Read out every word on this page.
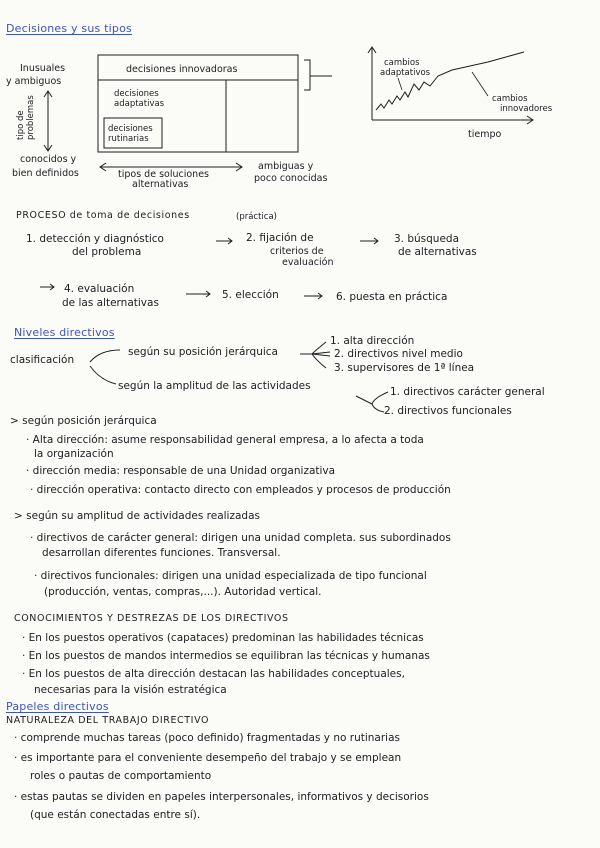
Decisiones y sus tipos
Inusuales
y ambiguos
tipo de problemas
conocidos y
bien definidos
decisiones innovadoras
decisiones
adaptativas
decisiones
rutinarias
tipos de soluciones
alternativas
ambiguas y
poco conocidas
cambios
adaptativos
cambios
innovadores
tiempo
PROCESO de toma de decisiones	(práctica)
1. detección y diagnóstico
del problema
2. fijación de
criterios de
evaluación
3. búsqueda
de alternativas
4. evaluación
de las alternativas
5. elección	6. puesta en práctica
Niveles directivos
clasificación
según su posición jerárquica
según la amplitud de las actividades
1. alta dirección
2. directivos nivel medio
3. supervisores de 1ª línea
1. directivos carácter general
2. directivos funcionales
> según posición jerárquica
· Alta dirección: asume responsabilidad general empresa, a lo afecta a toda
la organización
· dirección media: responsable de una Unidad organizativa
· dirección operativa: contacto directo con empleados y procesos de producción
> según su amplitud de actividades realizadas
· directivos de carácter general: dirigen una unidad completa. sus subordinados
desarrollan diferentes funciones. Transversal.
· directivos funcionales: dirigen una unidad especializada de tipo funcional
(producción, ventas, compras,...). Autoridad vertical.
CONOCIMIENTOS Y DESTREZAS DE LOS DIRECTIVOS
· En los puestos operativos (capataces) predominan las habilidades técnicas
· En los puestos de mandos intermedios se equilibran las técnicas y humanas
· En los puestos de alta dirección destacan las habilidades conceptuales,
necesarias para la visión estratégica
Papeles directivos
NATURALEZA DEL TRABAJO DIRECTIVO
· comprende muchas tareas (poco definido) fragmentadas y no rutinarias
· es importante para el conveniente desempeño del trabajo y se emplean
roles o pautas de comportamiento
· estas pautas se dividen en papeles interpersonales, informativos y decisorios
(que están conectadas entre sí).
